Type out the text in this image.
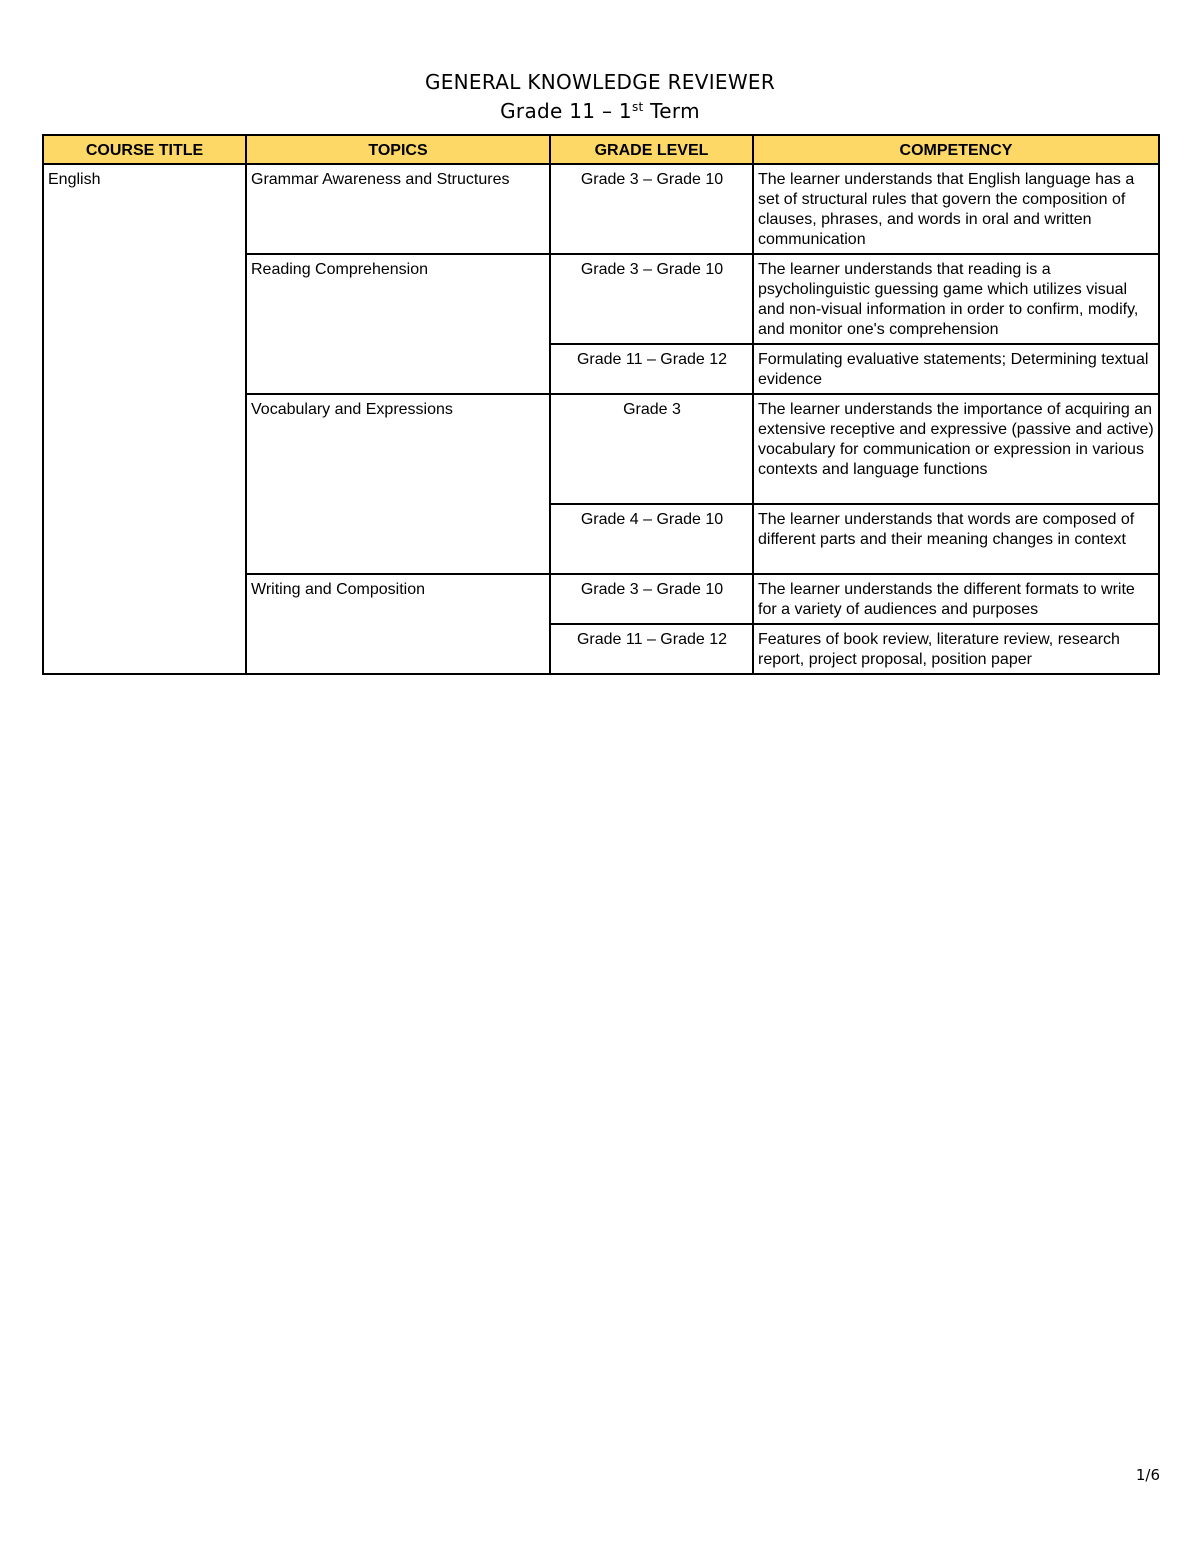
GENERAL KNOWLEDGE REVIEWER
Grade 11 – 1st Term
COURSE TITLE	TOPICS	GRADE LEVEL	COMPETENCY
English	Grammar Awareness and Structures	Grade 3 – Grade 10	The learner understands that English language has a set of structural rules that govern the composition of clauses, phrases, and words in oral and written communication
	Reading Comprehension	Grade 3 – Grade 10	The learner understands that reading is a psycholinguistic guessing game which utilizes visual and non-visual information in order to confirm, modify, and monitor one's comprehension
		Grade 11 – Grade 12	Formulating evaluative statements; Determining textual evidence
	Vocabulary and Expressions	Grade 3	The learner understands the importance of acquiring an extensive receptive and expressive (passive and active) vocabulary for communication or expression in various contexts and language functions
		Grade 4 – Grade 10	The learner understands that words are composed of different parts and their meaning changes in context
	Writing and Composition	Grade 3 – Grade 10	The learner understands the different formats to write for a variety of audiences and purposes
		Grade 11 – Grade 12	Features of book review, literature review, research report, project proposal, position paper
1/6
